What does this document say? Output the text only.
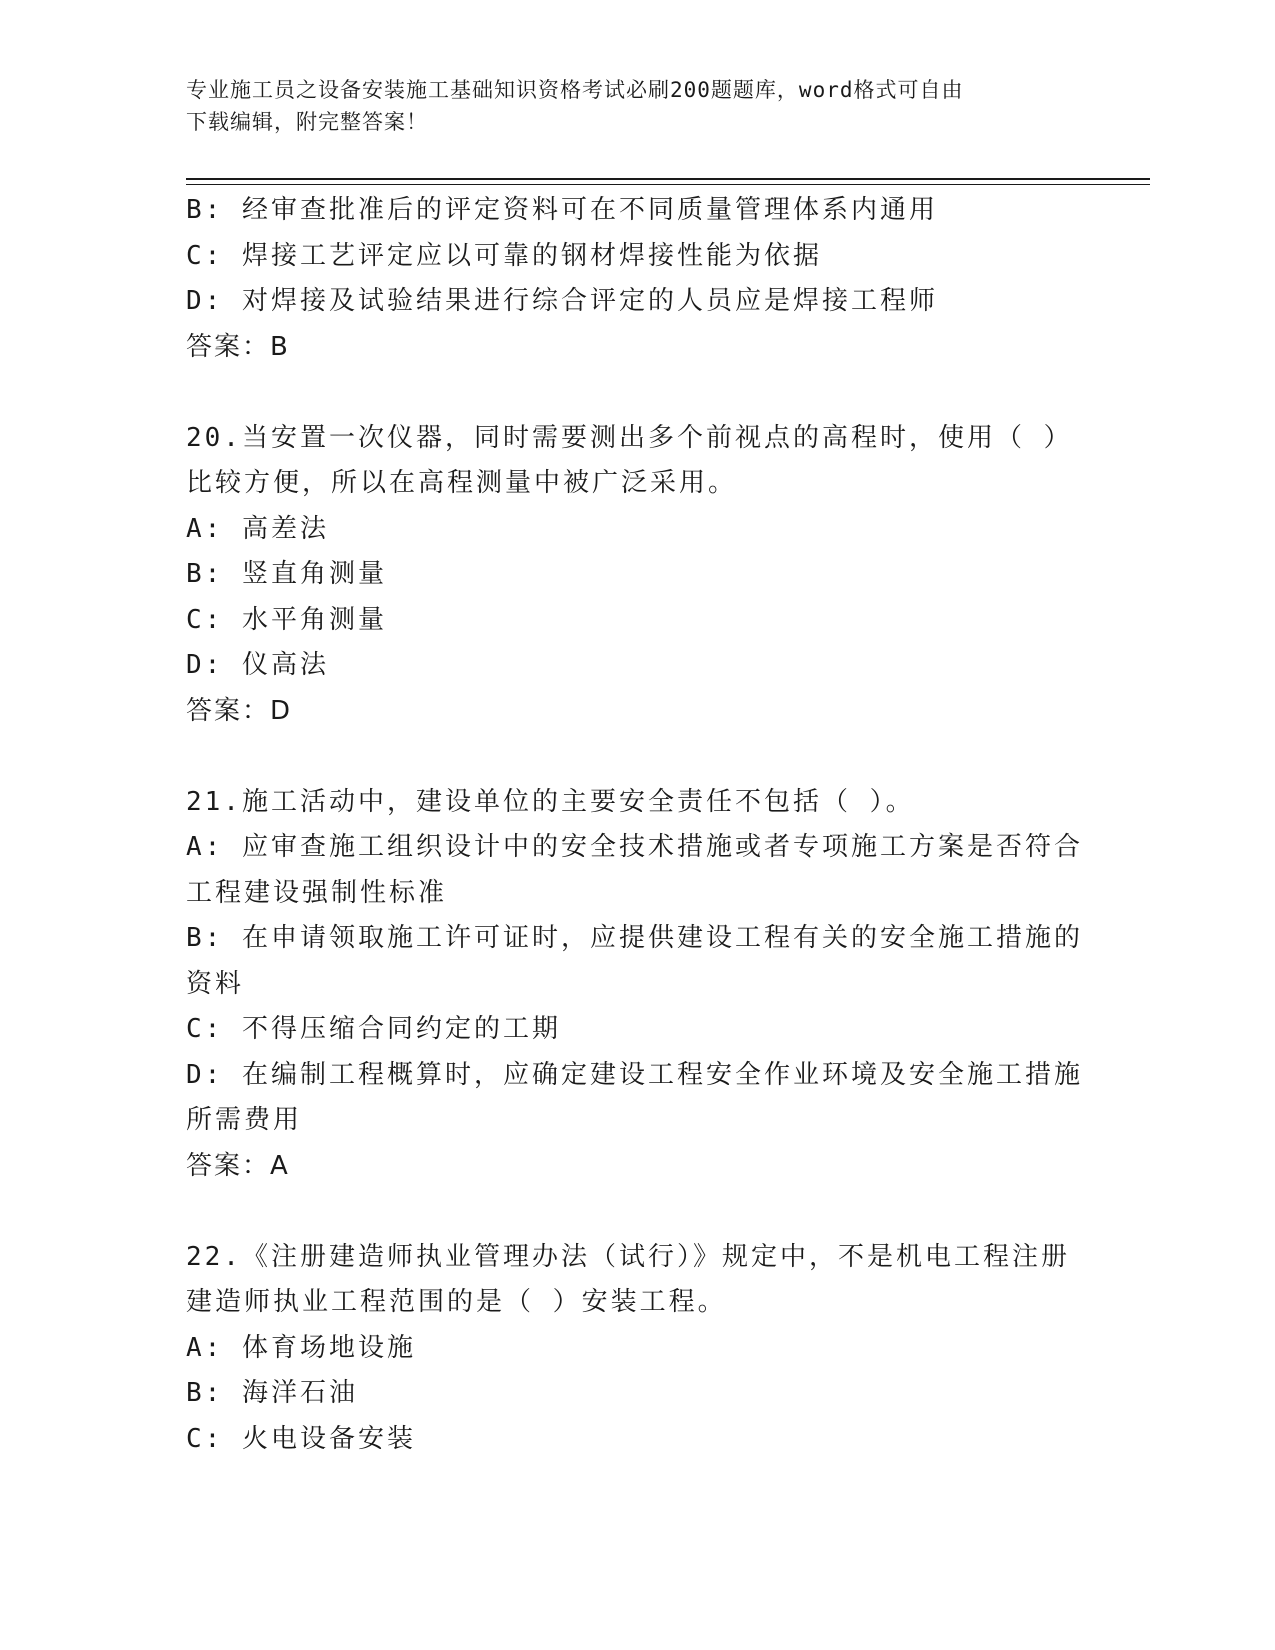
专业施工员之设备安装施工基础知识资格考试必刷200题题库，word格式可自由
下载编辑，附完整答案！
B: 经审查批准后的评定资料可在不同质量管理体系内通用
C: 焊接工艺评定应以可靠的钢材焊接性能为依据
D: 对焊接及试验结果进行综合评定的人员应是焊接工程师
答案：B
20.当安置一次仪器，同时需要测出多个前视点的高程时，使用（ ）
比较方便，所以在高程测量中被广泛采用。
A: 高差法
B: 竖直角测量
C: 水平角测量
D: 仪高法
答案：D
21.施工活动中，建设单位的主要安全责任不包括（ ）。
A: 应审查施工组织设计中的安全技术措施或者专项施工方案是否符合
工程建设强制性标准
B: 在申请领取施工许可证时，应提供建设工程有关的安全施工措施的
资料
C: 不得压缩合同约定的工期
D: 在编制工程概算时，应确定建设工程安全作业环境及安全施工措施
所需费用
答案：A
22.《注册建造师执业管理办法（试行）》规定中，不是机电工程注册
建造师执业工程范围的是（ ）安装工程。
A: 体育场地设施
B: 海洋石油
C: 火电设备安装
